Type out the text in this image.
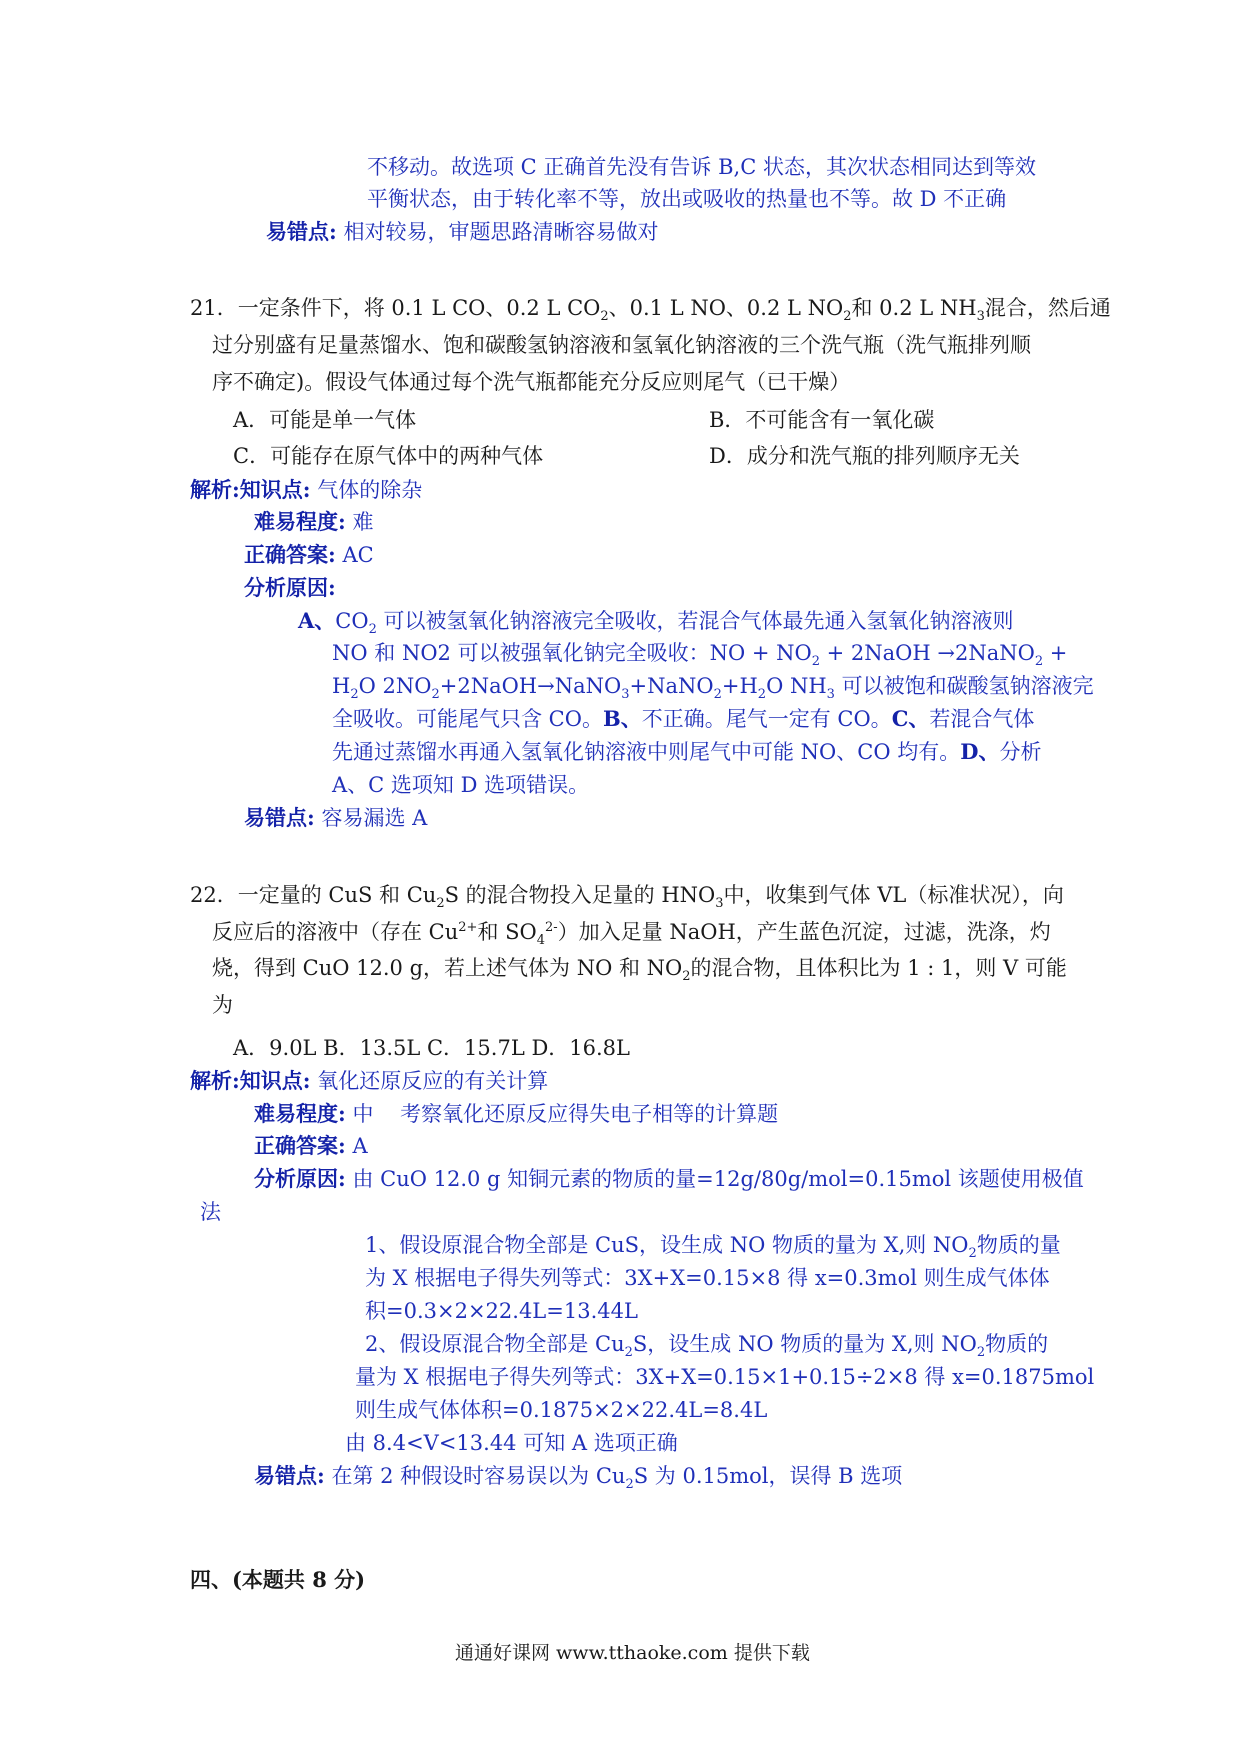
不移动。故选项 C 正确首先没有告诉 B,C 状态，其次状态相同达到等效
平衡状态，由于转化率不等，放出或吸收的热量也不等。故 D 不正确
易错点: 相对较易，审题思路清晰容易做对
21．一定条件下，将 0.1 L CO、0.2 L $CO_2$、0.1 L NO、0.2 L $NO_2$和 0.2 L $NH_3$混合，然后通
过分别盛有足量蒸馏水、饱和碳酸氢钠溶液和氢氧化钠溶液的三个洗气瓶（洗气瓶排列顺
序不确定)。假设气体通过每个洗气瓶都能充分反应则尾气（已干燥）
A．可能是单一气体	B．不可能含有一氧化碳
C．可能存在原气体中的两种气体	D．成分和洗气瓶的排列顺序无关
解析:知识点: 气体的除杂
难易程度: 难
正确答案: AC
分析原因:
A、$CO_2$ 可以被氢氧化钠溶液完全吸收，若混合气体最先通入氢氧化钠溶液则
NO 和 NO2 可以被强氧化钠完全吸收：NO + $NO_2$ + 2NaOH →2NaNO$_2$ +
$H_2O$ $2NO_2+2NaOH\to NaNO_3+NaNO_2+H_2O$ $NH_3$ 可以被饱和碳酸氢钠溶液完
全吸收。可能尾气只含 CO。B、不正确。尾气一定有 CO。C、若混合气体
先通过蒸馏水再通入氢氧化钠溶液中则尾气中可能 NO、CO 均有。D、分析
A、C 选项知 D 选项错误。
易错点: 容易漏选 A
22．一定量的 CuS 和 $Cu_2S$ 的混合物投入足量的 $HNO_3$中，收集到气体 VL（标准状况），向
反应后的溶液中（存在 $Cu^{2+}$和 $SO_4^{2-}$）加入足量 NaOH，产生蓝色沉淀，过滤，洗涤，灼
烧，得到 CuO 12.0 g，若上述气体为 NO 和 $NO_2$的混合物，且体积比为 1 : 1，则 V 可能
为
A．9.0L B．13.5L C．15.7L D．16.8L
解析:知识点: 氧化还原反应的有关计算
难易程度: 中    考察氧化还原反应得失电子相等的计算题
正确答案: A
分析原因: 由 CuO 12.0 g 知铜元素的物质的量=12g/80g/mol=0.15mol 该题使用极值
法
1、假设原混合物全部是 CuS，设生成 NO 物质的量为 X,则 $NO_2$物质的量
为 X 根据电子得失列等式：3X+X=0.15×8 得 x=0.3mol 则生成气体体
积=0.3×2×22.4L=13.44L
2、假设原混合物全部是 $Cu_2S$，设生成 NO 物质的量为 X,则 $NO_2$物质的
量为 X 根据电子得失列等式：3X+X=0.15×1+0.15÷2×8 得 x=0.1875mol
则生成气体体积=0.1875×2×22.4L=8.4L
由 8.4<V<13.44 可知 A 选项正确
易错点: 在第 2 种假设时容易误以为 $Cu_2S$ 为 0.15mol，误得 B 选项
四、(本题共 8 分)
通通好课网 www.tthaoke.com 提供下载
